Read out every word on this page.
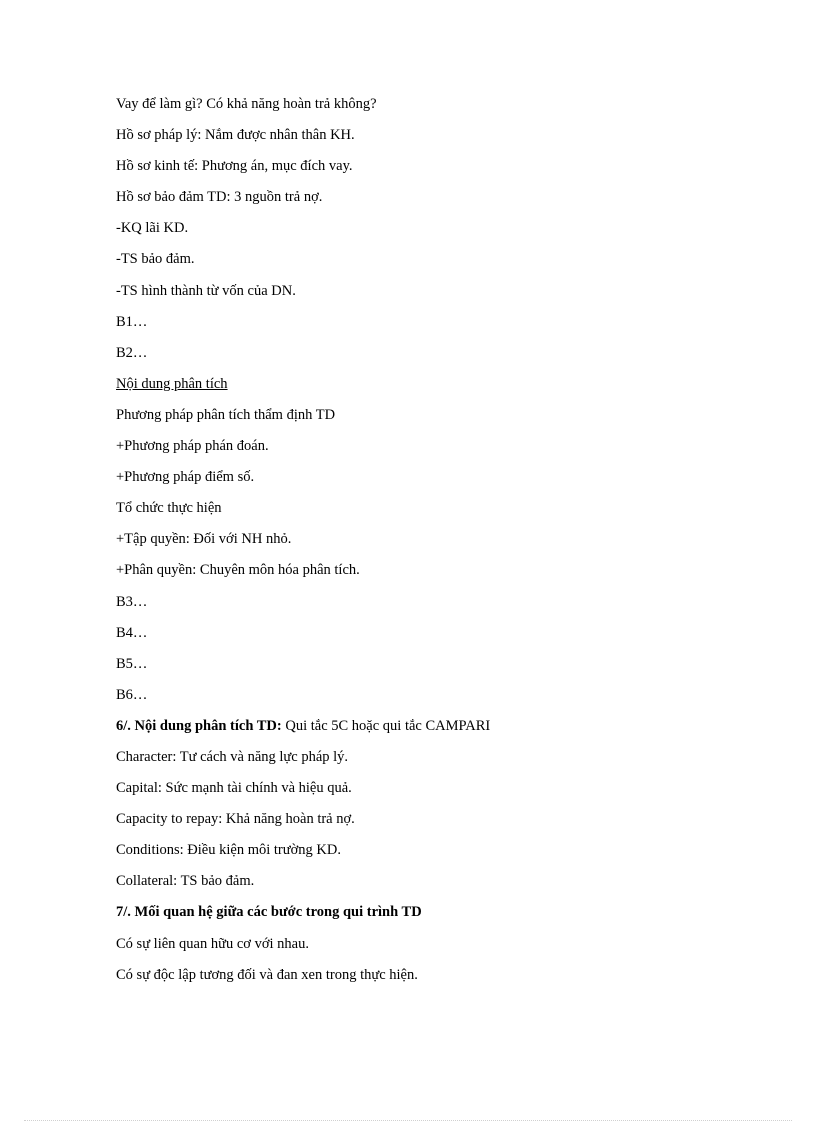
Vay để làm gì? Có khả năng hoàn trả không?
Hồ sơ pháp lý: Nắm được nhân thân KH.
Hồ sơ kinh tế: Phương án, mục đích vay.
Hồ sơ bảo đảm TD: 3 nguồn trả nợ.
-KQ lãi KD.
-TS bảo đảm.
-TS hình thành từ vốn của DN.
B1…
B2…
Nội dung phân tích
Phương pháp phân tích thẩm định TD
+Phương pháp phán đoán.
+Phương pháp điểm số.
Tổ chức thực hiện
+Tập quyền: Đối với NH nhỏ.
+Phân quyền: Chuyên môn hóa phân tích.
B3…
B4…
B5…
B6…
6/. Nội dung phân tích TD: Qui tắc 5C hoặc qui tắc CAMPARI
Character: Tư cách và năng lực pháp lý.
Capital: Sức mạnh tài chính và hiệu quả.
Capacity to repay: Khả năng hoàn trả nợ.
Conditions: Điều kiện môi trường KD.
Collateral: TS bảo đảm.
7/. Mối quan hệ giữa các bước trong qui trình TD
Có sự liên quan hữu cơ với nhau.
Có sự độc lập tương đối và đan xen trong thực hiện.
